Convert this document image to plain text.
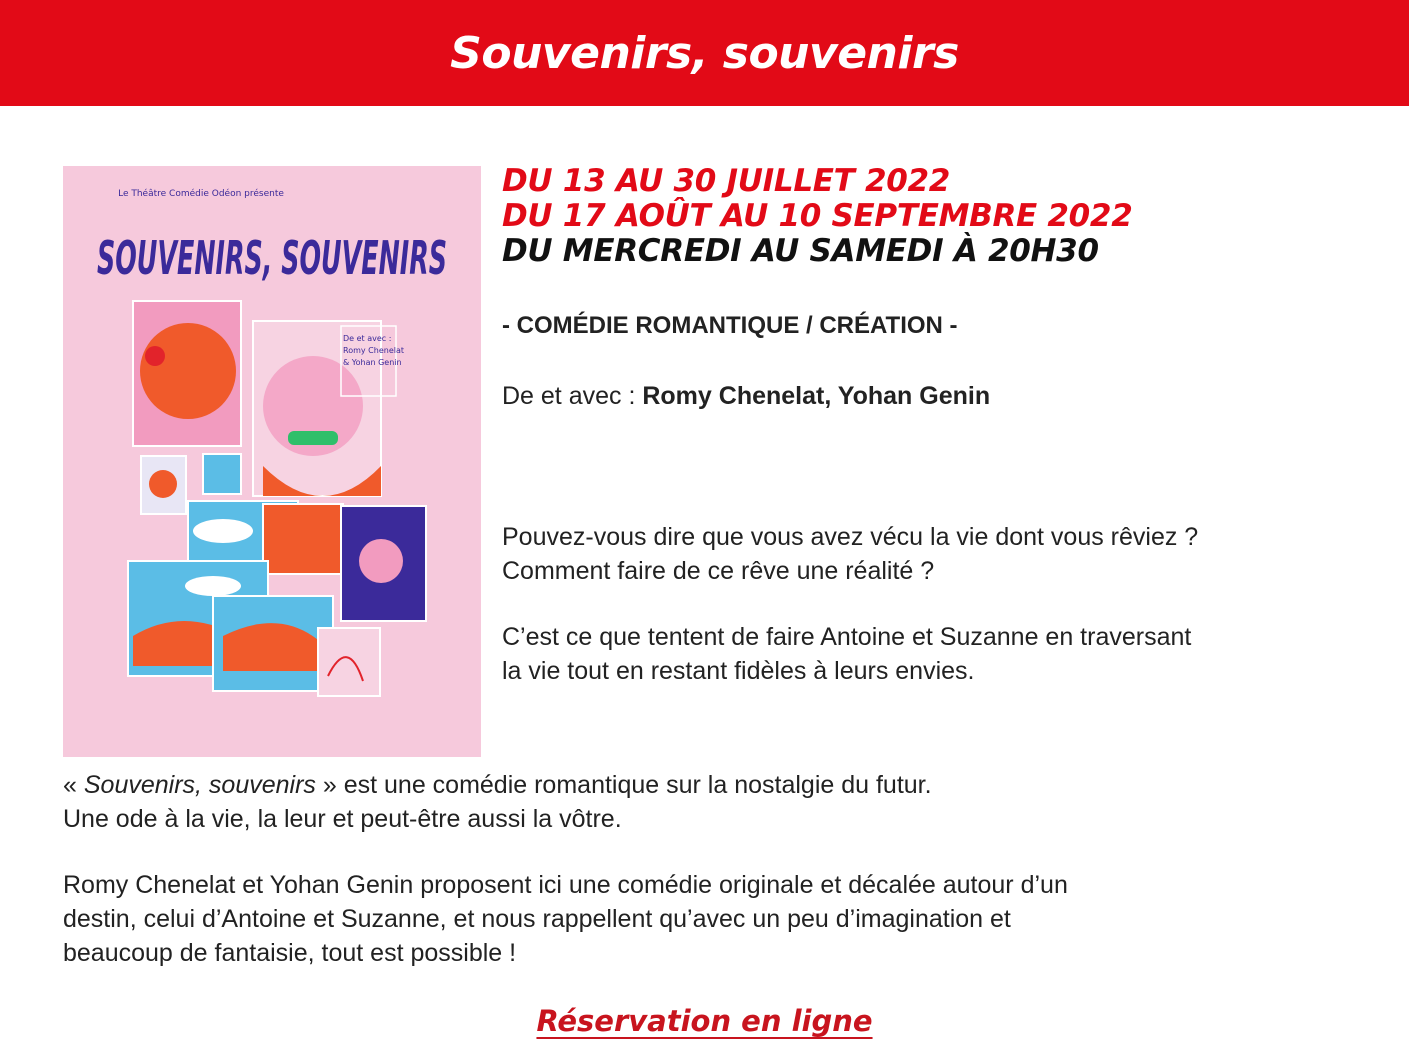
Souvenirs, souvenirs
Le Théâtre Comédie Odéon présente
SOUVENIRS, SOUVENIRS
De et avec :
Romy Chenelat
& Yohan Genin
DU 13 AU 30 JUILLET 2022
DU 17 AOÛT AU 10 SEPTEMBRE 2022
DU MERCREDI AU SAMEDI À 20H30
- COMÉDIE ROMANTIQUE / CRÉATION -
De et avec : Romy Chenelat, Yohan Genin

Pouvez-vous dire que vous avez vécu la vie dont vous rêviez ?
Comment faire de ce rêve une réalité ?

C’est ce que tentent de faire Antoine et Suzanne en traversant
la vie tout en restant fidèles à leurs envies.

« Souvenirs, souvenirs » est une comédie romantique sur la nostalgie du futur.
Une ode à la vie, la leur et peut-être aussi la vôtre.

Romy Chenelat et Yohan Genin proposent ici une comédie originale et décalée autour d’un
destin, celui d’Antoine et Suzanne, et nous rappellent qu’avec un peu d’imagination et
beaucoup de fantaisie, tout est possible !

Réservation en ligne
